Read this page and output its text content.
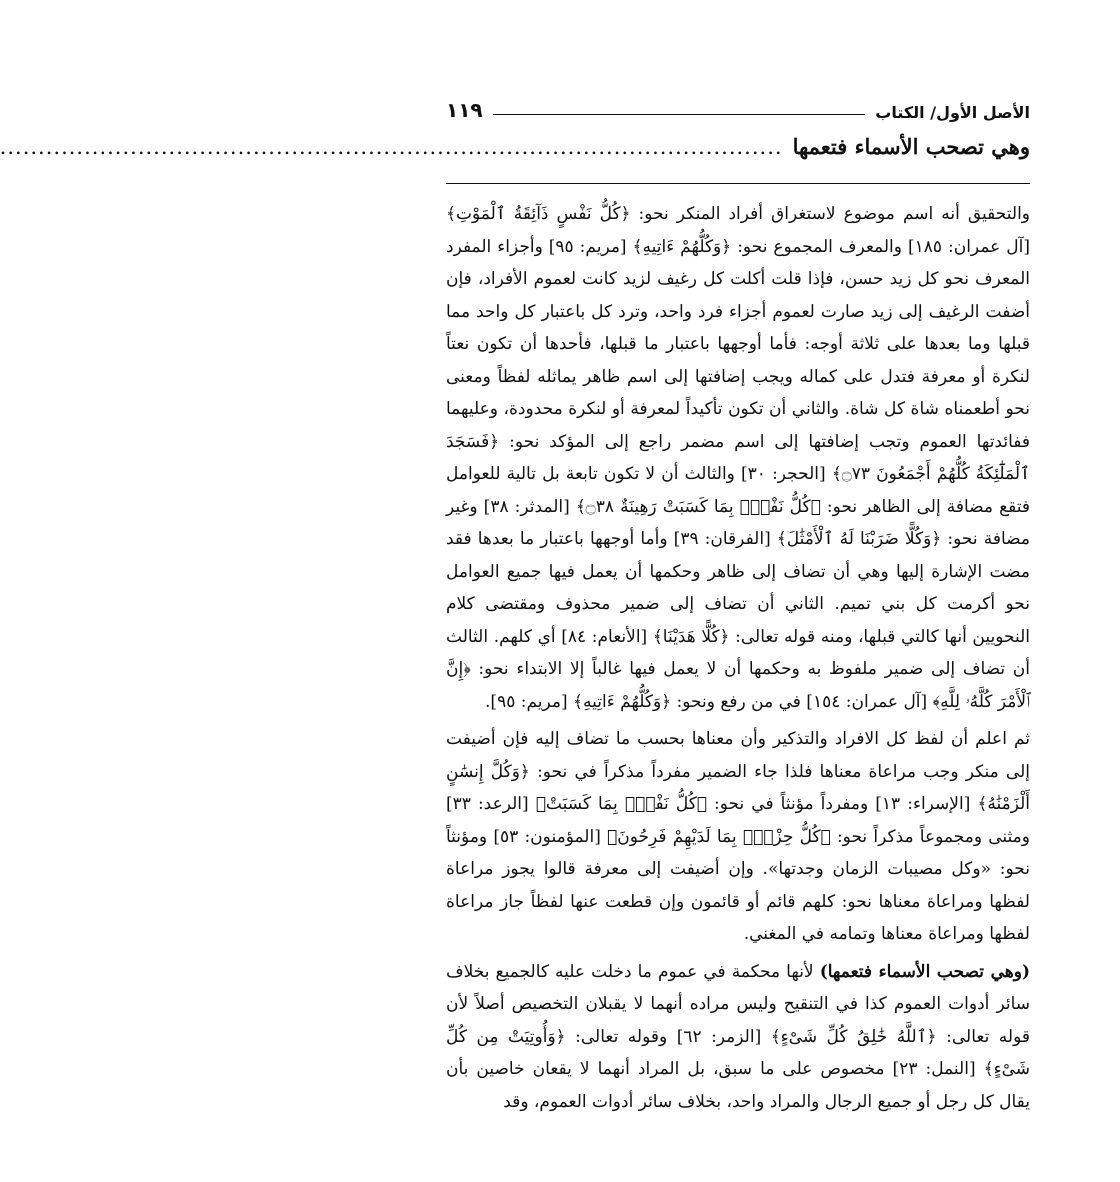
الأصل الأول/ الكتاب
١١٩
وهي تصحب الأسماء فتعمها
......................................................................................................

والتحقيق أنه اسم موضوع لاستغراق أفراد المنكر نحو: ﴿كُلُّ نَفْسٍ ذَآئِقَةُ ٱلْمَوْتِ﴾ [آل عمران: ١٨٥] والمعرف المجموع نحو: ﴿وَكُلُّهُمْ ءَاتِيهِ﴾ [مريم: ٩٥] وأجزاء المفرد المعرف نحو كل زيد حسن، فإذا قلت أكلت كل رغيف لزيد كانت لعموم الأفراد، فإن أضفت الرغيف إلى زيد صارت لعموم أجزاء فرد واحد، وترد كل باعتبار كل واحد مما قبلها وما بعدها على ثلاثة أوجه: فأما أوجهها باعتبار ما قبلها، فأحدها أن تكون نعتاً لنكرة أو معرفة فتدل على كماله ويجب إضافتها إلى اسم ظاهر يماثله لفظاً ومعنى نحو أطعمناه شاة كل شاة. والثاني أن تكون تأكيداً لمعرفة أو لنكرة محدودة، وعليهما ففائدتها العموم وتجب إضافتها إلى اسم مضمر راجع إلى المؤكد نحو: ﴿فَسَجَدَ ٱلْمَلَٰٓئِكَةُ كُلُّهُمْ أَجْمَعُونَ ۝٧٣﴾ [الحجر: ٣٠] والثالث أن لا تكون تابعة بل تالية للعوامل فتقع مضافة إلى الظاهر نحو: ﴿كُلُّ نَفْسٍۭ بِمَا كَسَبَتْ رَهِينَةٌ ۝٣٨﴾ [المدثر: ٣٨] وغير مضافة نحو: ﴿وَكُلًّا ضَرَبْنَا لَهُ ٱلْأَمْثَٰلَ﴾ [الفرقان: ٣٩] وأما أوجهها باعتبار ما بعدها فقد مضت الإشارة إليها وهي أن تضاف إلى ظاهر وحكمها أن يعمل فيها جميع العوامل نحو أكرمت كل بني تميم. الثاني أن تضاف إلى ضمير محذوف ومقتضى كلام النحويين أنها كالتي قبلها، ومنه قوله تعالى: ﴿كُلًّا هَدَيْنَا﴾ [الأنعام: ٨٤] أي كلهم. الثالث أن تضاف إلى ضمير ملفوظ به وحكمها أن لا يعمل فيها غالباً إلا الابتداء نحو: ﴿إِنَّ ٱلْأَمْرَ كُلَّهُۥ لِلَّهِ﴾ [آل عمران: ١٥٤] في من رفع ونحو: ﴿وَكُلُّهُمْ ءَاتِيهِ﴾ [مريم: ٩٥].

ثم اعلم أن لفظ كل الافراد والتذكير وأن معناها بحسب ما تضاف إليه فإن أضيفت إلى منكر وجب مراعاة معناها فلذا جاء الضمير مفرداً مذكراً في نحو: ﴿وَكُلَّ إِنسَٰنٍ أَلْزَمْنَٰهُ﴾ [الإسراء: ١٣] ومفرداً مؤنثاً في نحو: ﴿كُلُّ نَفْسٍۭ بِمَا كَسَبَتْ﴾ [الرعد: ٣٣] ومثنى ومجموعاً مذكراً نحو: ﴿كُلُّ حِزْبٍۭ بِمَا لَدَيْهِمْ فَرِحُونَ﴾ [المؤمنون: ٥٣] ومؤنثاً نحو: «وكل مصيبات الزمان وجدتها». وإن أضيفت إلى معرفة قالوا يجوز مراعاة لفظها ومراعاة معناها نحو: كلهم قائم أو قائمون وإن قطعت عنها لفظاً جاز مراعاة لفظها ومراعاة معناها وتمامه في المغني.

(وهي تصحب الأسماء فتعمها) لأنها محكمة في عموم ما دخلت عليه كالجميع بخلاف سائر أدوات العموم كذا في التنقيح وليس مراده أنهما لا يقبلان التخصيص أصلاً لأن قوله تعالى: ﴿ٱللَّهُ خَٰلِقُ كُلِّ شَىْءٍ﴾ [الزمر: ٦٢] وقوله تعالى: ﴿وَأُوتِيَتْ مِن كُلِّ شَىْءٍ﴾ [النمل: ٢٣] مخصوص على ما سبق، بل المراد أنهما لا يقعان خاصين بأن يقال كل رجل أو جميع الرجال والمراد واحد، بخلاف سائر أدوات العموم، وقد
